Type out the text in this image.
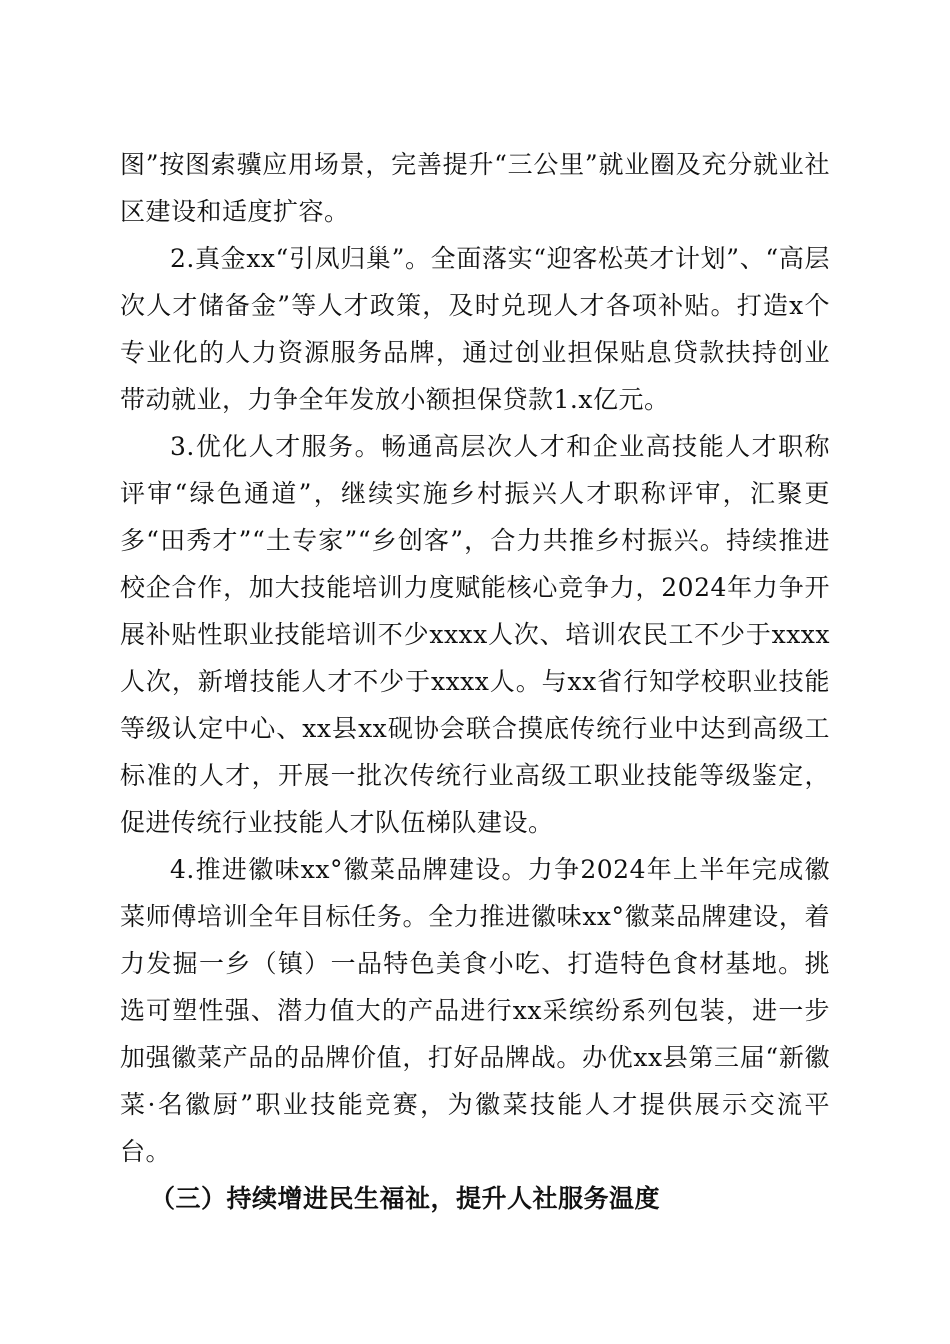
图”按图索骥应用场景，完善提升“三公里”就业圈及充分就业社区建设和适度扩容。

2.真金xx“引凤归巢”。全面落实“迎客松英才计划”、“高层次人才储备金”等人才政策，及时兑现人才各项补贴。打造x个专业化的人力资源服务品牌，通过创业担保贴息贷款扶持创业带动就业，力争全年发放小额担保贷款1.x亿元。

3.优化人才服务。畅通高层次人才和企业高技能人才职称评审“绿色通道”，继续实施乡村振兴人才职称评审，汇聚更多“田秀才”“土专家”“乡创客”，合力共推乡村振兴。持续推进校企合作，加大技能培训力度赋能核心竞争力，2024年力争开展补贴性职业技能培训不少xxxx人次、培训农民工不少于xxxx人次，新增技能人才不少于xxxx人。与xx省行知学校职业技能等级认定中心、xx县xx砚协会联合摸底传统行业中达到高级工标准的人才，开展一批次传统行业高级工职业技能等级鉴定，促进传统行业技能人才队伍梯队建设。

4.推进徽味xx°徽菜品牌建设。力争2024年上半年完成徽菜师傅培训全年目标任务。全力推进徽味xx°徽菜品牌建设，着力发掘一乡（镇）一品特色美食小吃、打造特色食材基地。挑选可塑性强、潜力值大的产品进行xx采缤纷系列包装，进一步加强徽菜产品的品牌价值，打好品牌战。办优xx县第三届“新徽菜·名徽厨”职业技能竞赛，为徽菜技能人才提供展示交流平台。

（三）持续增进民生福祉，提升人社服务温度
